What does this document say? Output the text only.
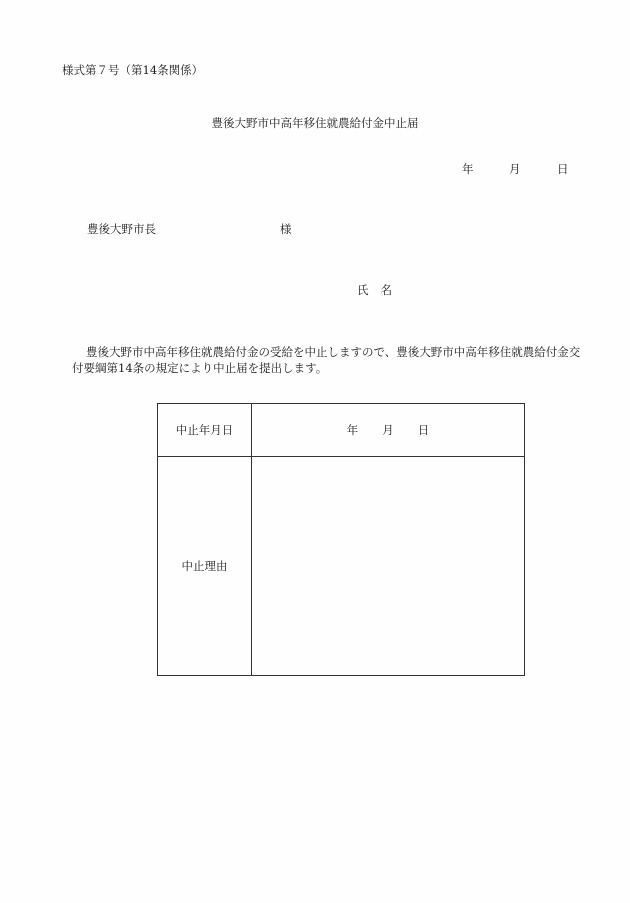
様式第７号（第14条関係）
豊後大野市中高年移住就農給付金中止届
年	月	日
豊後大野市長	様
氏 名
豊後大野市中高年移住就農給付金の受給を中止しますので、豊後大野市中高年移住就農給付金交付要綱第14条の規定により中止届を提出します。
中止年月日	年 月 日
中止理由	
